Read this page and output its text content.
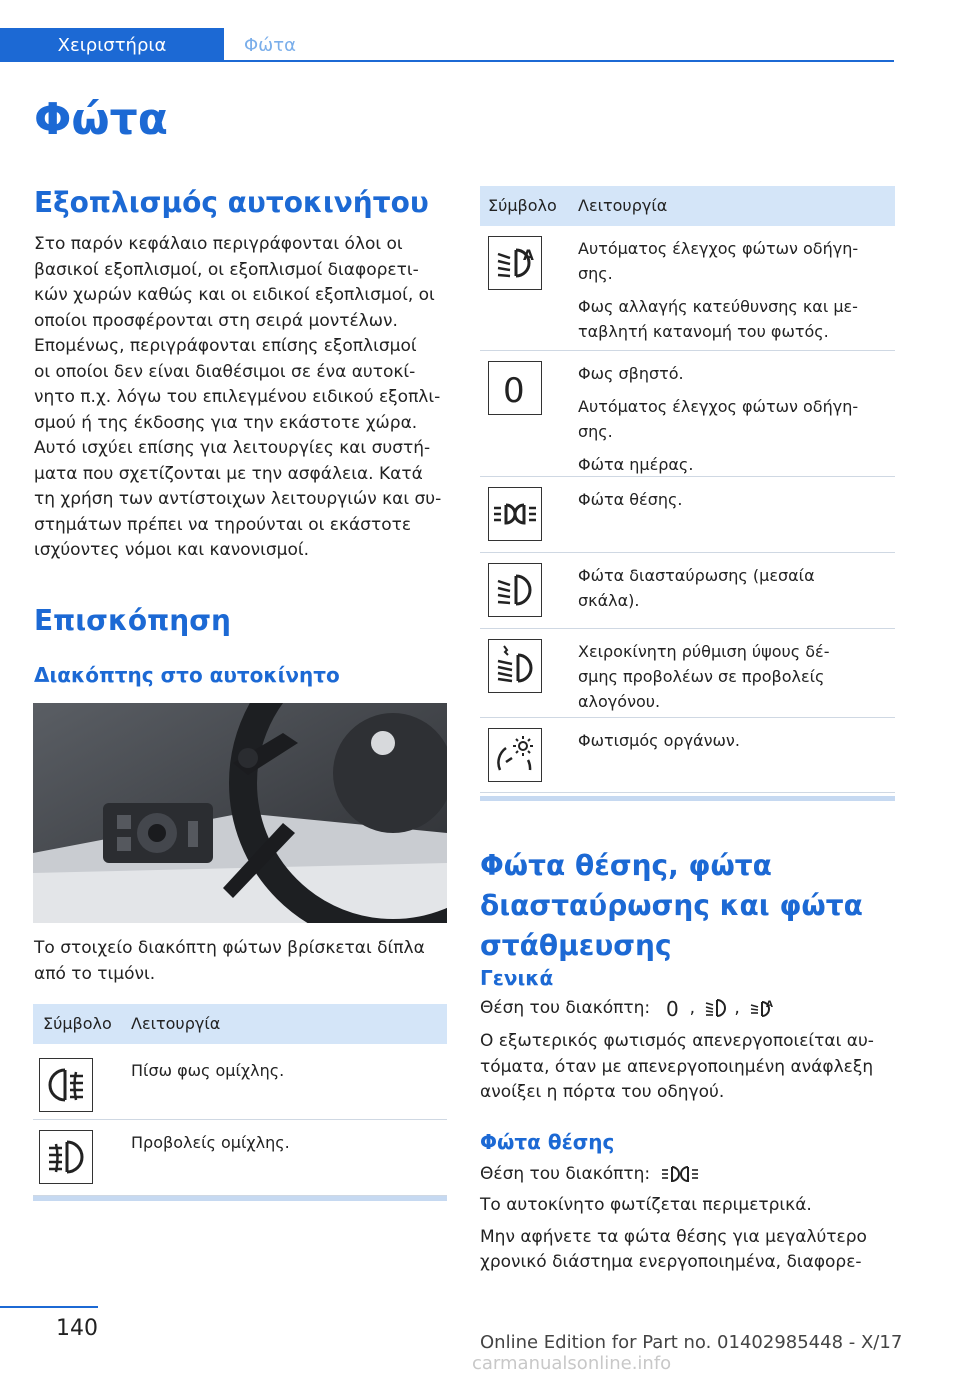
Χειριστήρια	Φώτα
Φώτα
Εξοπλισμός αυτοκινήτου
Στο παρόν κεφάλαιο περιγράφονται όλοι οι
βασικοί εξοπλισμοί, οι εξοπλισμοί διαφορετι‐
κών χωρών καθώς και οι ειδικοί εξοπλισμοί, οι
οποίοι προσφέρονται στη σειρά μοντέλων.
Επομένως, περιγράφονται επίσης εξοπλισμοί
οι οποίοι δεν είναι διαθέσιμοι σε ένα αυτοκί‐
νητο π.χ. λόγω του επιλεγμένου ειδικού εξοπλι‐
σμού ή της έκδοσης για την εκάστοτε χώρα.
Αυτό ισχύει επίσης για λειτουργίες και συστή‐
ματα που σχετίζονται με την ασφάλεια. Κατά
τη χρήση των αντίστοιχων λειτουργιών και συ‐
στημάτων πρέπει να τηρούνται οι εκάστοτε
ισχύοντες νόμοι και κανονισμοί.
Επισκόπηση
Διακόπτης στο αυτοκίνητο
Το στοιχείο διακόπτη φώτων βρίσκεται δίπλα
από το τιμόνι.
Σύμβολο Λειτουργία
Πίσω φως ομίχλης.
Προβολείς ομίχλης.
Σύμβολο Λειτουργία
A	Αυτόματος έλεγχος φώτων οδήγη‐
σης.

Φως αλλαγής κατεύθυνσης και με‐
ταβλητή κατανομή του φωτός.

0	Φως σβηστό.

Αυτόματος έλεγχος φώτων οδήγη‐
σης.

Φώτα ημέρας.

Φώτα θέσης.

Φώτα διασταύρωσης (μεσαία
σκάλα).

Χειροκίνητη ρύθμιση ύψους δέ‐
σμης προβολέων σε προβολείς
αλογόνου.

Φωτισμός οργάνων.

Φώτα θέσης, φώτα
διασταύρωσης και φώτα
στάθμευσης
Γενικά
Θέση του διακόπτη: 0 , ,	A
Ο εξωτερικός φωτισμός απενεργοποιείται αυ‐
τόματα, όταν με απενεργοποιημένη ανάφλεξη
ανοίξει η πόρτα του οδηγού.
Φώτα θέσης
Θέση του διακόπτη:
Το αυτοκίνητο φωτίζεται περιμετρικά.
Μην αφήνετε τα φώτα θέσης για μεγαλύτερο
χρονικό διάστημα ενεργοποιημένα, διαφορε‐
140
Online Edition for Part no. 01402985448 - X/17 carmanualsonline.info
